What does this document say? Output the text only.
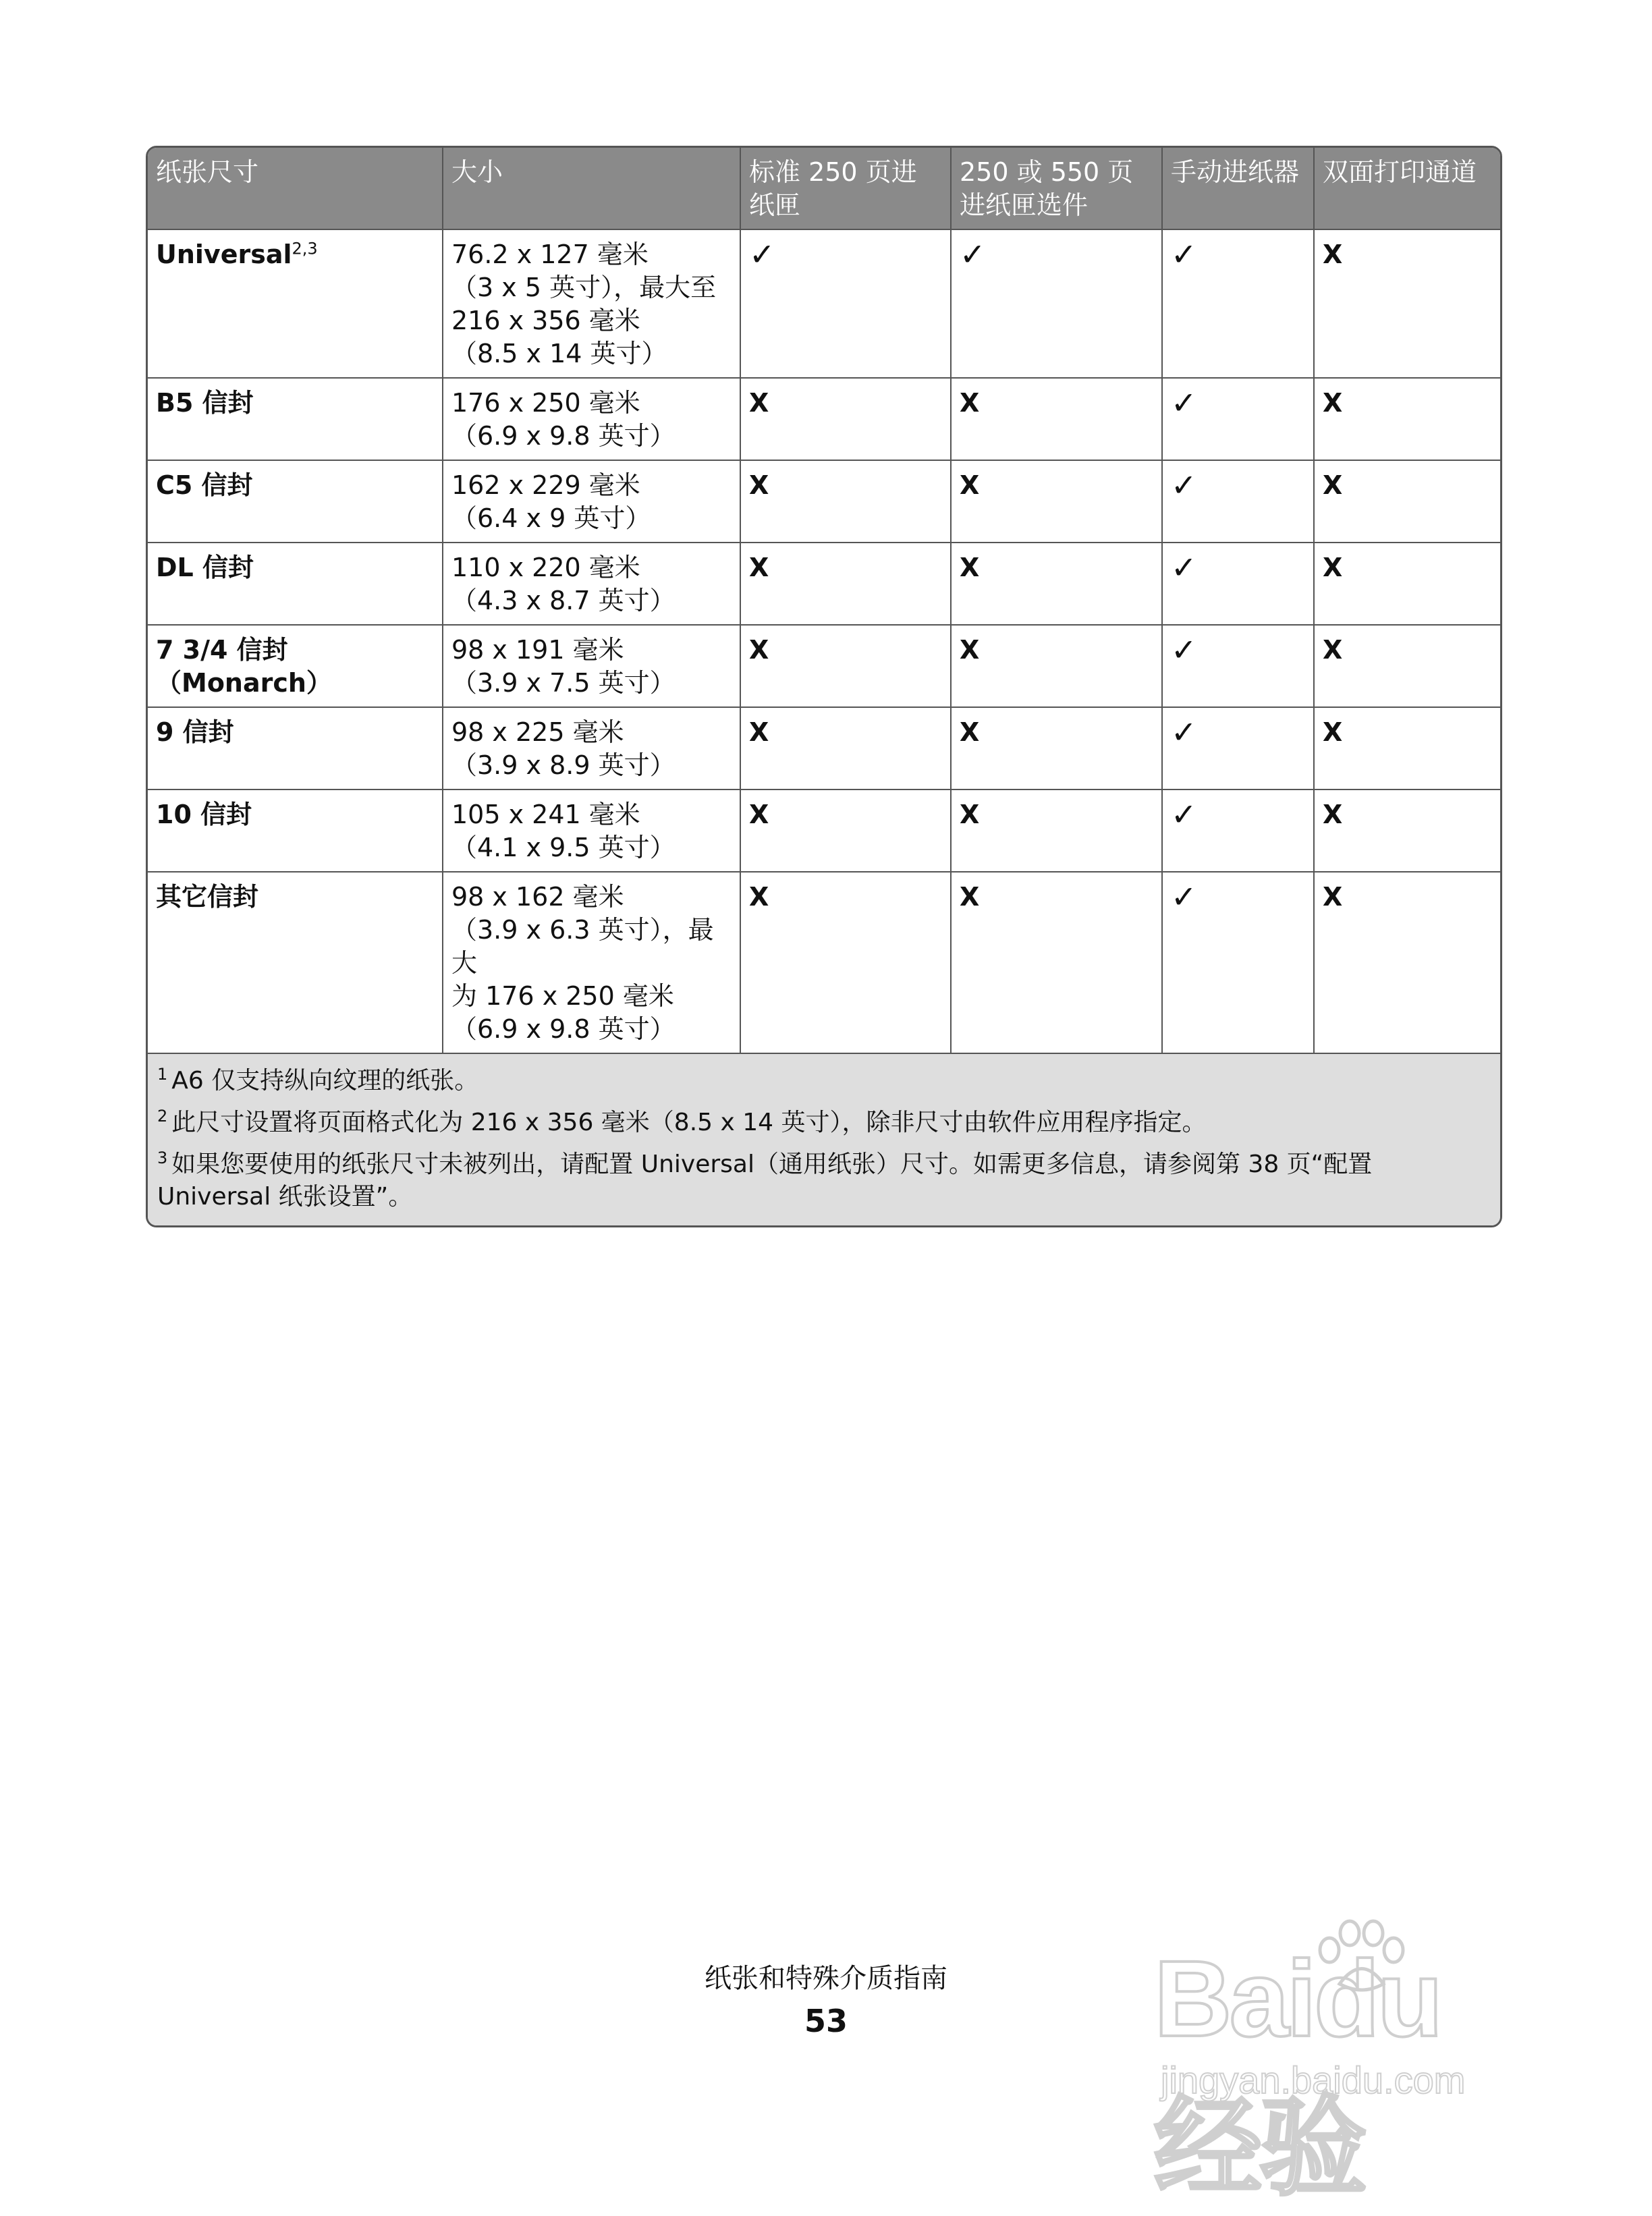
纸张尺寸	大小	标准 250 页进纸匣	250 或 550 页进纸匣选件	手动进纸器	双面打印通道
Universal$^{2,3}$	76.2 x 127 毫米
（3 x 5 英寸），最大至
216 x 356 毫米
（8.5 x 14 英寸）	✓	✓	✓	X
B5 信封	176 x 250 毫米
（6.9 x 9.8 英寸）	X	X	✓	X
C5 信封	162 x 229 毫米
（6.4 x 9 英寸）	X	X	✓	X
DL 信封	110 x 220 毫米
（4.3 x 8.7 英寸）	X	X	✓	X
7 3/4 信封（Monarch）	98 x 191 毫米
（3.9 x 7.5 英寸）	X	X	✓	X
9 信封	98 x 225 毫米
（3.9 x 8.9 英寸）	X	X	✓	X
10 信封	105 x 241 毫米
（4.1 x 9.5 英寸）	X	X	✓	X
其它信封	98 x 162 毫米
（3.9 x 6.3 英寸），最大
为 176 x 250 毫米
（6.9 x 9.8 英寸）	X	X	✓	X

$^1$ A6 仅支持纵向纹理的纸张。
$^2$ 此尺寸设置将页面格式化为 216 x 356 毫米（8.5 x 14 英寸），除非尺寸由软件应用程序指定。
$^3$ 如果您要使用的纸张尺寸未被列出，请配置 Universal（通用纸张）尺寸。如需更多信息，请参阅第 38 页“配置 Universal 纸张设置”。					
纸张和特殊介质指南
53	Baidu 经验
jingyan.baidu.com
